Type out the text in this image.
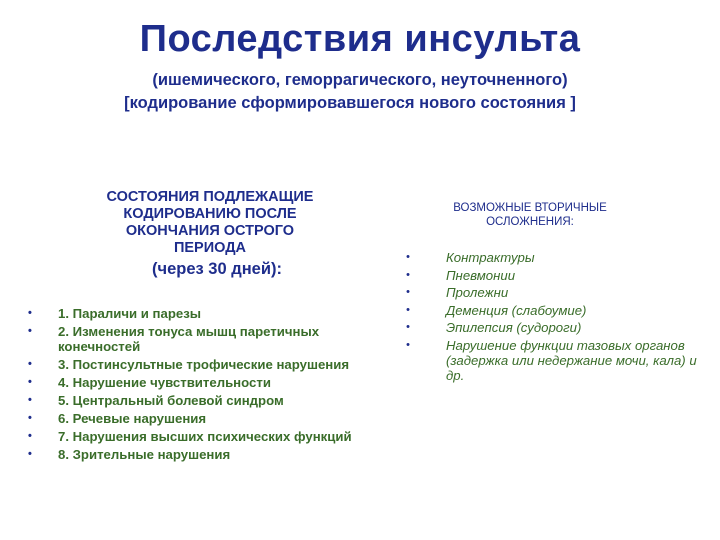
Последствия инсульта
(ишемического, геморрагического, неуточненного)
[кодирование сформировавшегося нового состояния ]
СОСТОЯНИЯ ПОДЛЕЖАЩИЕ
КОДИРОВАНИЮ ПОСЛЕ
ОКОНЧАНИЯ ОСТРОГО
ПЕРИОДА
(через 30 дней):
• 1. Параличи и парезы
• 2. Изменения тонуса мышц паретичных конечностей
• 3. Постинсультные трофические нарушения
• 4. Нарушение чувствительности
• 5. Центральный болевой синдром
• 6. Речевые нарушения
• 7. Нарушения высших психических функций
• 8. Зрительные нарушения
ВОЗМОЖНЫЕ ВТОРИЧНЫЕ
ОСЛОЖНЕНИЯ:
• Контрактуры
• Пневмонии
• Пролежни
• Деменция (слабоумие)
• Эпилепсия (судороги)
• Нарушение функции тазовых органов (задержка или недержание мочи, кала) и др.
